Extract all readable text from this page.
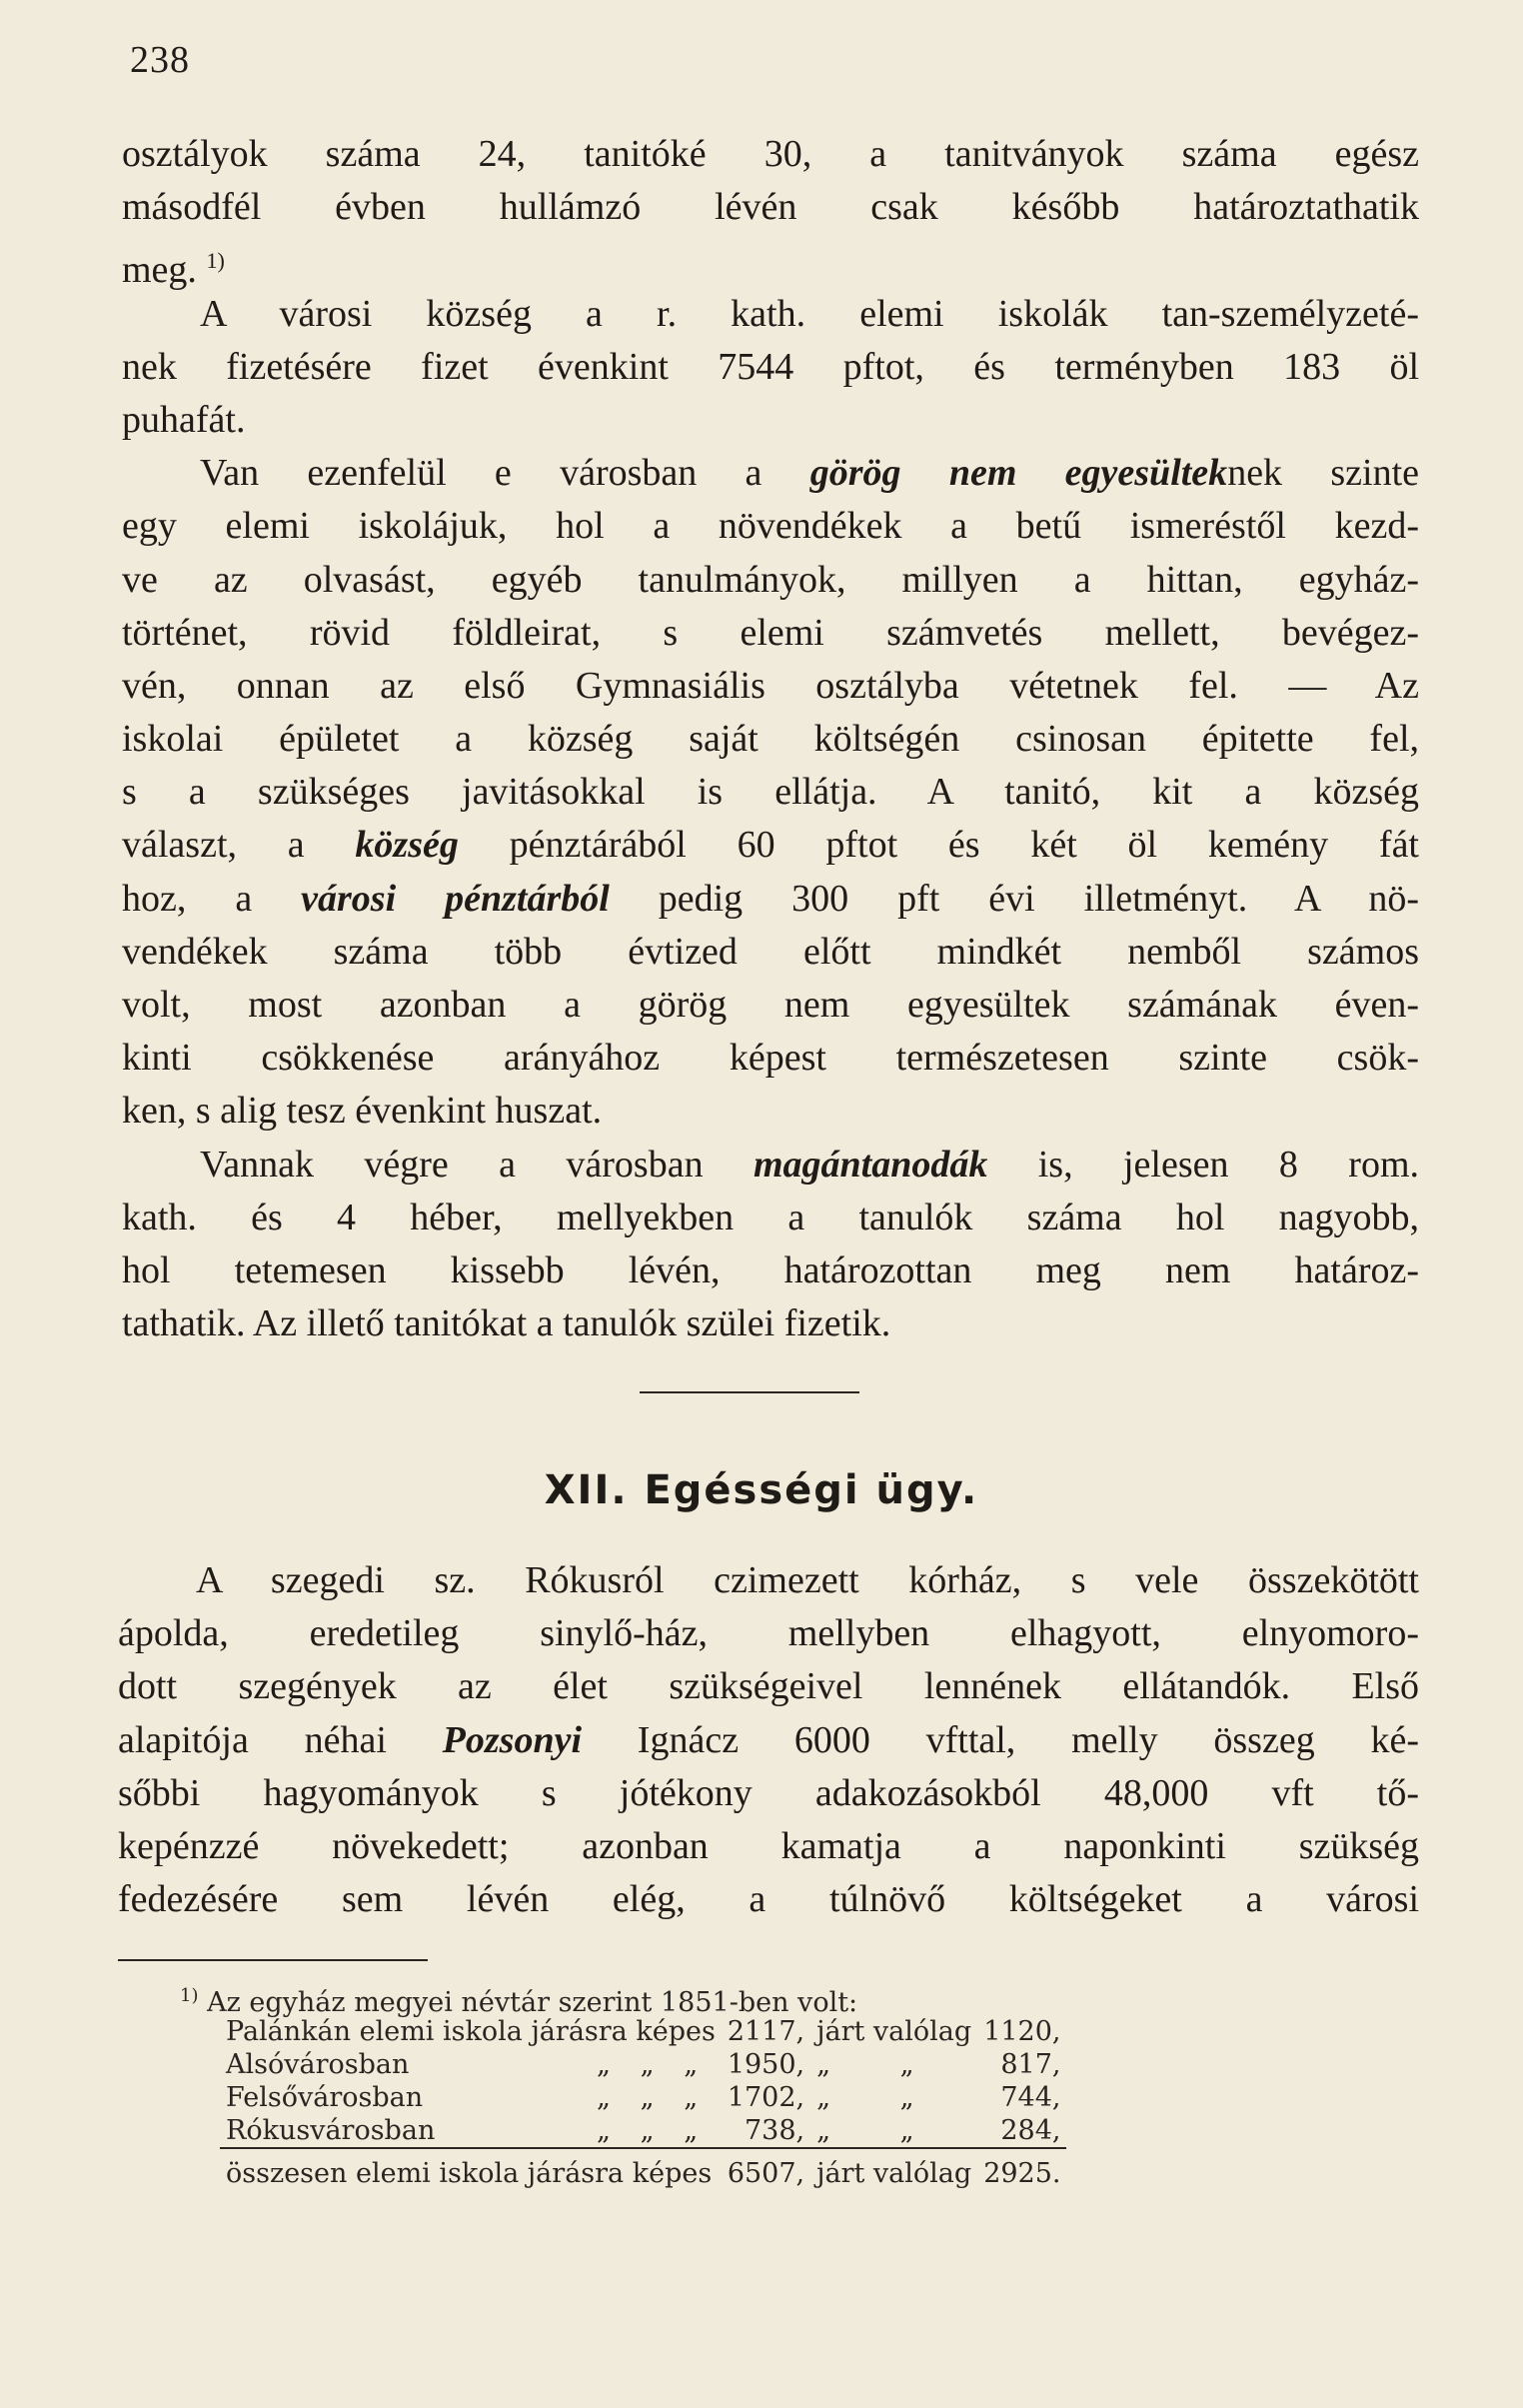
238
osztályok száma 24, tanitóké 30, a tanitványok száma egész
másodfél évben hullámzó lévén csak később határoztathatik
meg. $^{1)}$
A városi község a r. kath. elemi iskolák tan-személyzeté-
nek fizetésére fizet évenkint 7544 pftot, és terményben 183 öl
puhafát.
Van ezenfelül e városban a görög nem egyesülteknek szinte
egy elemi iskolájuk, hol a növendékek a betű ismeréstől kezd-
ve az olvasást, egyéb tanulmányok, millyen a hittan, egyház-
történet, rövid földleirat, s elemi számvetés mellett, bevégez-
vén, onnan az első Gymnasiális osztályba vétetnek fel. — Az
iskolai épületet a község saját költségén csinosan épitette fel,
s a szükséges javitásokkal is ellátja. A tanitó, kit a község
választ, a község pénztárából 60 pftot és két öl kemény fát
hoz, a városi pénztárból pedig 300 pft évi illetményt. A nö-
vendékek száma több évtized előtt mindkét nemből számos
volt, most azonban a görög nem egyesültek számának éven-
kinti csökkenése arányához képest természetesen szinte csök-
ken, s alig tesz évenkint huszat.
Vannak végre a városban magántanodák is, jelesen 8 rom.
kath. és 4 héber, mellyekben a tanulók száma hol nagyobb,
hol tetemesen kissebb lévén, határozottan meg nem határoz-
tathatik. Az illető tanitókat a tanulók szülei fizetik.
XII. Egésségi ügy.
A szegedi sz. Rókusról czimezett kórház, s vele összekötött
ápolda, eredetileg sinylő-ház, mellyben elhagyott, elnyomoro-
dott szegények az élet szükségeivel lennének ellátandók. Első
alapitója néhai Pozsonyi Ignácz 6000 vfttal, melly összeg ké-
sőbbi hagyományok s jótékony adakozásokból 48,000 vft tő-
kepénzzé növekedett; azonban kamatja a naponkinti szükség
fedezésére sem lévén elég, a túlnövő költségeket a városi
$^{1)}$ Az egyház megyei névtár szerint 1851-ben volt:
Palánkán elemi iskola járásra képes				2117,	járt valólag		1120,
Alsóvárosban	„	„	„	1950,	„	„	817,
Felsővárosban	„	„	„	1702,	„	„	744,
Rókusvárosban	„	„	„	738,	„	„	284,
összesen elemi iskola járásra képes				6507,	járt valólag		2925.
